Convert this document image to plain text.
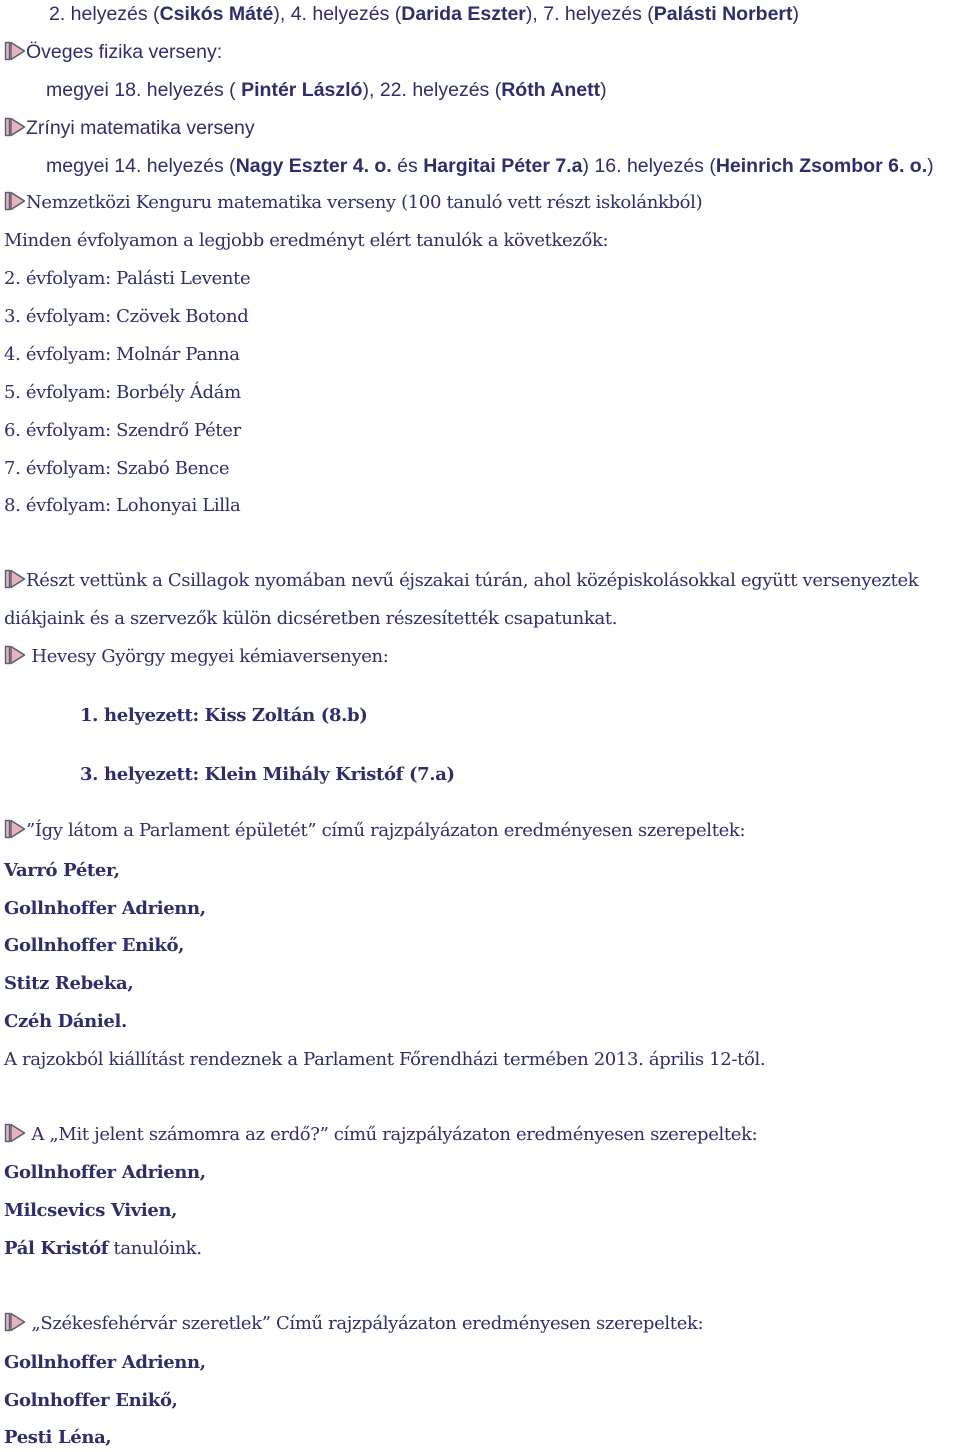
2. helyezés (Csikós Máté), 4. helyezés (Darida Eszter), 7. helyezés (Palásti Norbert)
Öveges fizika verseny:
megyei 18. helyezés ( Pintér László), 22. helyezés (Róth Anett)
Zrínyi matematika verseny
megyei 14. helyezés (Nagy Eszter 4. o. és Hargitai Péter 7.a) 16. helyezés (Heinrich Zsombor 6. o.)
Nemzetközi Kenguru matematika verseny (100 tanuló vett részt iskolánkból)
Minden évfolyamon a legjobb eredményt elért tanulók a következők:
2. évfolyam: Palásti Levente
3. évfolyam: Czövek Botond
4. évfolyam: Molnár Panna
5. évfolyam: Borbély Ádám
6. évfolyam: Szendrő Péter
7. évfolyam: Szabó Bence
8. évfolyam: Lohonyai Lilla
Részt vettünk a Csillagok nyomában nevű éjszakai túrán, ahol középiskolásokkal együtt versenyeztek
diákjaink és a szervezők külön dicséretben részesítették csapatunkat.
Hevesy György megyei kémiaversenyen:
1. helyezett: Kiss Zoltán (8.b)
3. helyezett: Klein Mihály Kristóf (7.a)
”Így látom a Parlament épületét” című rajzpályázaton eredményesen szerepeltek:
Varró Péter,
Gollnhoffer Adrienn,
Gollnhoffer Enikő,
Stitz Rebeka,
Czéh Dániel.
A rajzokból kiállítást rendeznek a Parlament Főrendházi termében 2013. április 12-től.
A „Mit jelent számomra az erdő?” című rajzpályázaton eredményesen szerepeltek:
Gollnhoffer Adrienn,
Milcsevics Vivien,
Pál Kristóf tanulóink.
„Székesfehérvár szeretlek” Című rajzpályázaton eredményesen szerepeltek:
Gollnhoffer Adrienn,
Golnhoffer Enikő,
Pesti Léna,
